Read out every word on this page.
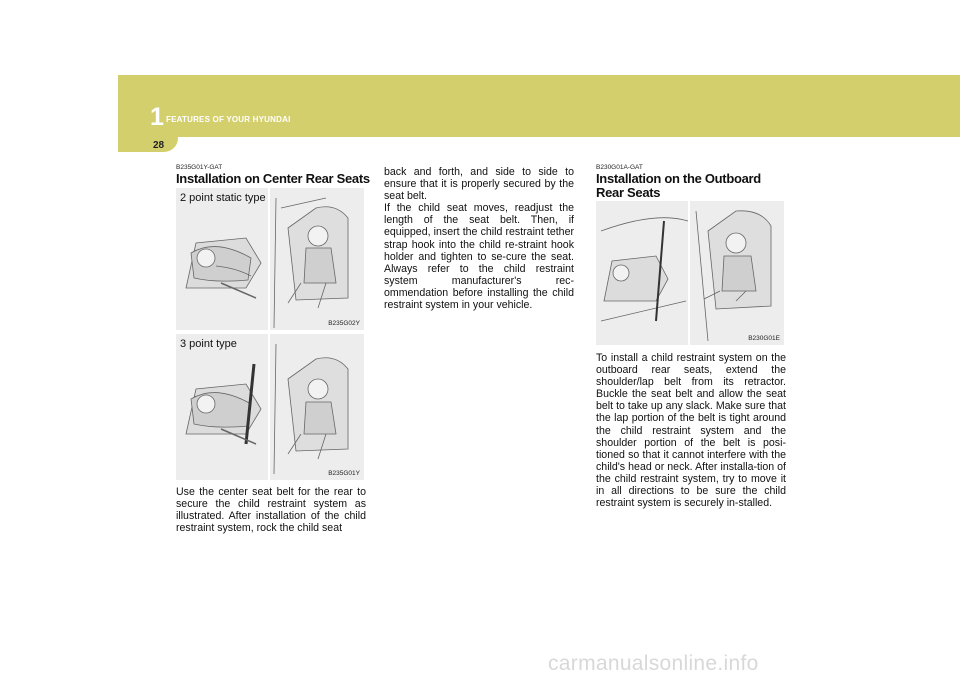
1 FEATURES OF YOUR HYUNDAI
28
B235G01Y-GAT
Installation on Center Rear Seats
2 point static type
B235G02Y
3 point type
B235G01Y

Use the center seat belt for the rear to secure the child restraint system as illustrated. After installation of the child restraint system, rock the child seat

back and forth, and side to side to ensure that it is properly secured by the seat belt.
If the child seat moves, readjust the length of the seat belt. Then, if equipped, insert the child restraint tether strap hook into the child re-straint hook holder and tighten to se-cure the seat. Always refer to the child restraint system manufacturer's rec-ommendation before installing the child restraint system in your vehicle.

B230G01A-GAT
Installation on the Outboard Rear Seats
B230G01E

To install a child restraint system on the outboard rear seats, extend the shoulder/lap belt from its retractor. Buckle the seat belt and allow the seat belt to take up any slack. Make sure that the lap portion of the belt is tight around the child restraint system and the shoulder portion of the belt is posi-tioned so that it cannot interfere with the child's head or neck. After installa-tion of the child restraint system, try to move it in all directions to be sure the child restraint system is securely in-stalled.

carmanualsonline.info
